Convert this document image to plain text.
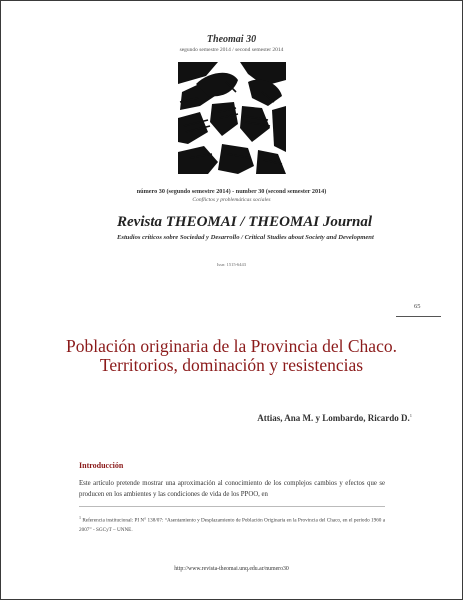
Theomai 30
segundo semestre 2014 / second semester 2014
número 30 (segundo semestre 2014) - number 30 (second semester 2014)
Conflictos y problemáticas sociales
Revista THEOMAI / THEOMAI Journal
Estudios críticos sobre Sociedad y Desarrollo / Critical Studies about Society and Development
Issn: 1515-6443
65
Población originaria de la Provincia del Chaco. Territorios, dominación y resistencias
Attias, Ana M. y Lombardo, Ricardo D.$^1$
Introducción
Este artículo pretende mostrar una aproximación al conocimiento de los complejos cambios y efectos que se producen en los ambientes y las condiciones de vida de los PPOO, en
$^1$ Referencia institucional: PI N° 138/07: “Asentamiento y Desplazamiento de Población Originaria en la Provincia del Chaco, en el período 1960 a 2007” - SGCyT – UNNE.
http://www.revista-theomai.unq.edu.ar/numero30
